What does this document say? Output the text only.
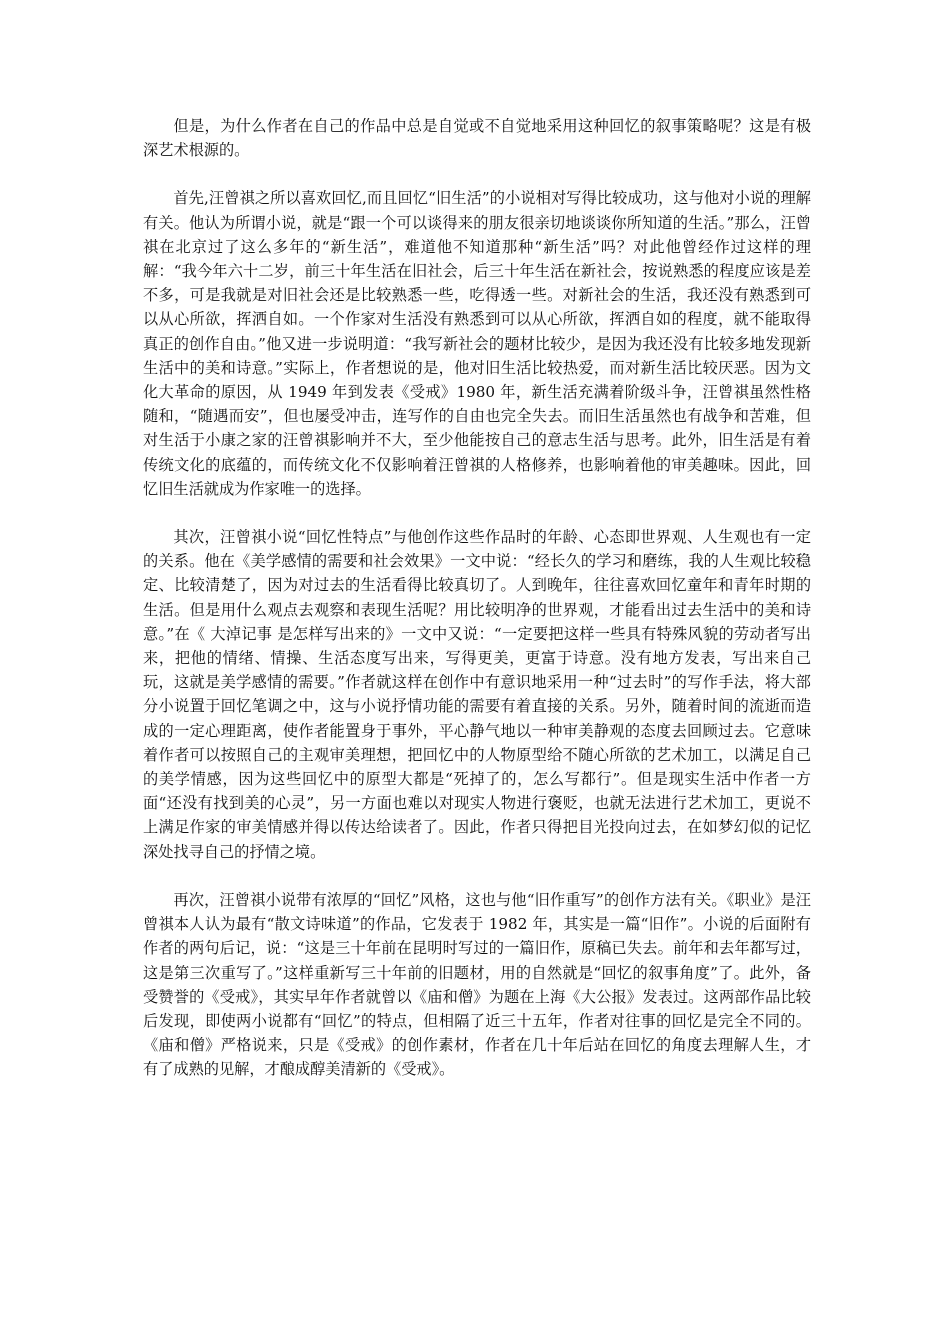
但是，为什么作者在自己的作品中总是自觉或不自觉地采用这种回忆的叙事策略呢？这是有极深艺术根源的。

首先,汪曾祺之所以喜欢回忆,而且回忆“旧生活”的小说相对写得比较成功，这与他对小说的理解有关。他认为所谓小说，就是“跟一个可以谈得来的朋友很亲切地谈谈你所知道的生活。”那么，汪曾祺在北京过了这么多年的“新生活”，难道他不知道那种“新生活”吗？对此他曾经作过这样的理解：“我今年六十二岁，前三十年生活在旧社会，后三十年生活在新社会，按说熟悉的程度应该是差不多，可是我就是对旧社会还是比较熟悉一些，吃得透一些。对新社会的生活，我还没有熟悉到可以从心所欲，挥洒自如。一个作家对生活没有熟悉到可以从心所欲，挥洒自如的程度，就不能取得真正的创作自由。”他又进一步说明道：“我写新社会的题材比较少，是因为我还没有比较多地发现新生活中的美和诗意。”实际上，作者想说的是，他对旧生活比较热爱，而对新生活比较厌恶。因为文化大革命的原因，从 1949 年到发表《受戒》1980 年，新生活充满着阶级斗争，汪曾祺虽然性格随和，“随遇而安”，但也屡受冲击，连写作的自由也完全失去。而旧生活虽然也有战争和苦难，但对生活于小康之家的汪曾祺影响并不大，至少他能按自己的意志生活与思考。此外，旧生活是有着传统文化的底蕴的，而传统文化不仅影响着汪曾祺的人格修养，也影响着他的审美趣味。因此，回忆旧生活就成为作家唯一的选择。

其次，汪曾祺小说“回忆性特点”与他创作这些作品时的年龄、心态即世界观、人生观也有一定的关系。他在《美学感情的需要和社会效果》一文中说：“经长久的学习和磨练，我的人生观比较稳定、比较清楚了，因为对过去的生活看得比较真切了。人到晚年，往往喜欢回忆童年和青年时期的生活。但是用什么观点去观察和表现生活呢？用比较明净的世界观，才能看出过去生活中的美和诗意。”在《 大淖记事 是怎样写出来的》一文中又说：“一定要把这样一些具有特殊风貌的劳动者写出来，把他的情绪、情操、生活态度写出来，写得更美，更富于诗意。没有地方发表，写出来自己玩，这就是美学感情的需要。”作者就这样在创作中有意识地采用一种“过去时”的写作手法，将大部分小说置于回忆笔调之中，这与小说抒情功能的需要有着直接的关系。另外，随着时间的流逝而造成的一定心理距离，使作者能置身于事外，平心静气地以一种审美静观的态度去回顾过去。它意味着作者可以按照自己的主观审美理想，把回忆中的人物原型给不随心所欲的艺术加工，以满足自己的美学情感，因为这些回忆中的原型大都是“死掉了的，怎么写都行”。但是现实生活中作者一方面“还没有找到美的心灵”，另一方面也难以对现实人物进行褒贬，也就无法进行艺术加工，更说不上满足作家的审美情感并得以传达给读者了。因此，作者只得把目光投向过去，在如梦幻似的记忆深处找寻自己的抒情之境。

再次，汪曾祺小说带有浓厚的“回忆”风格，这也与他“旧作重写”的创作方法有关。《职业》是汪曾祺本人认为最有“散文诗味道”的作品，它发表于 1982 年，其实是一篇“旧作”。小说的后面附有作者的两句后记，说：“这是三十年前在昆明时写过的一篇旧作，原稿已失去。前年和去年都写过，这是第三次重写了。”这样重新写三十年前的旧题材，用的自然就是“回忆的叙事角度”了。此外，备受赞誉的《受戒》，其实早年作者就曾以《庙和僧》为题在上海《大公报》发表过。这两部作品比较后发现，即使两小说都有“回忆”的特点，但相隔了近三十五年，作者对往事的回忆是完全不同的。《庙和僧》严格说来，只是《受戒》的创作素材，作者在几十年后站在回忆的角度去理解人生，才有了成熟的见解，才酿成醇美清新的《受戒》。
